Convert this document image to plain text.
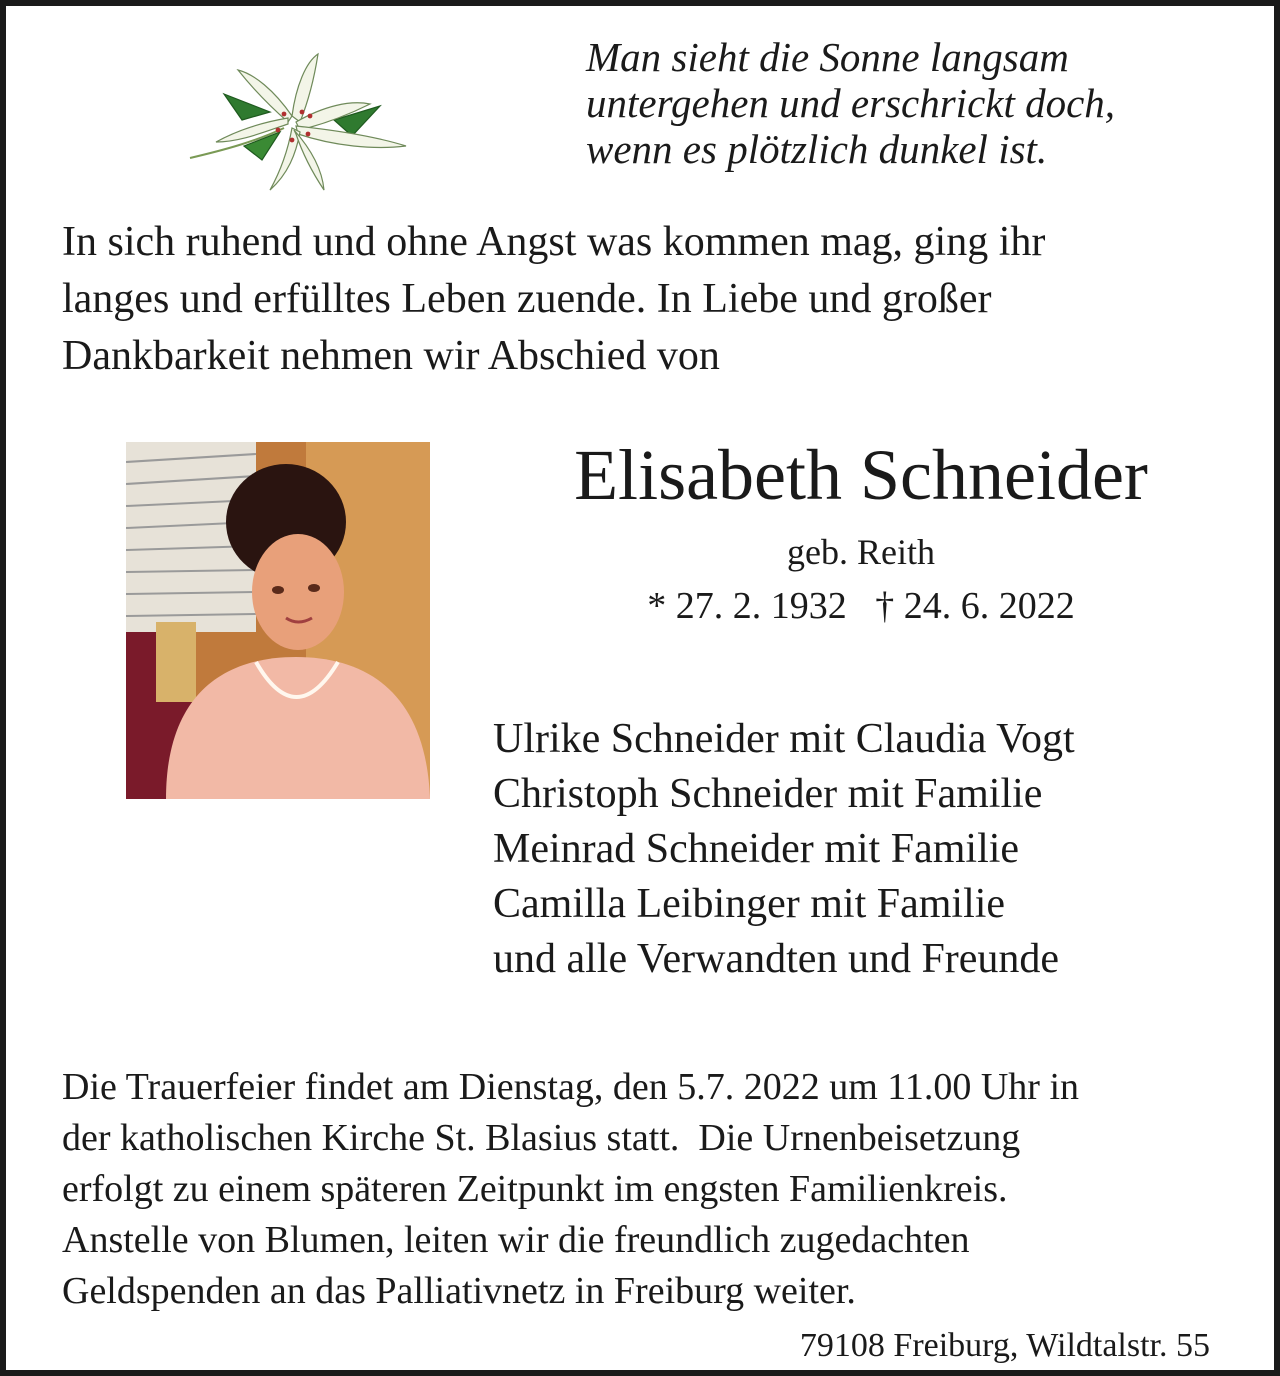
Man sieht die Sonne langsam
untergehen und erschrickt doch,
wenn es plötzlich dunkel ist.
In sich ruhend und ohne Angst was kommen mag, ging ihr
langes und erfülltes Leben zuende. In Liebe und großer
Dankbarkeit nehmen wir Abschied von
Elisabeth Schneider
geb. Reith
* 27. 2. 1932   † 24. 6. 2022
Ulrike Schneider mit Claudia Vogt
Christoph Schneider mit Familie
Meinrad Schneider mit Familie
Camilla Leibinger mit Familie
und alle Verwandten und Freunde
Die Trauerfeier findet am Dienstag, den 5.7. 2022 um 11.00 Uhr in
der katholischen Kirche St. Blasius statt.  Die Urnenbeisetzung
erfolgt zu einem späteren Zeitpunkt im engsten Familienkreis.
Anstelle von Blumen, leiten wir die freundlich zugedachten
Geldspenden an das Palliativnetz in Freiburg weiter.
79108 Freiburg, Wildtalstr. 55
